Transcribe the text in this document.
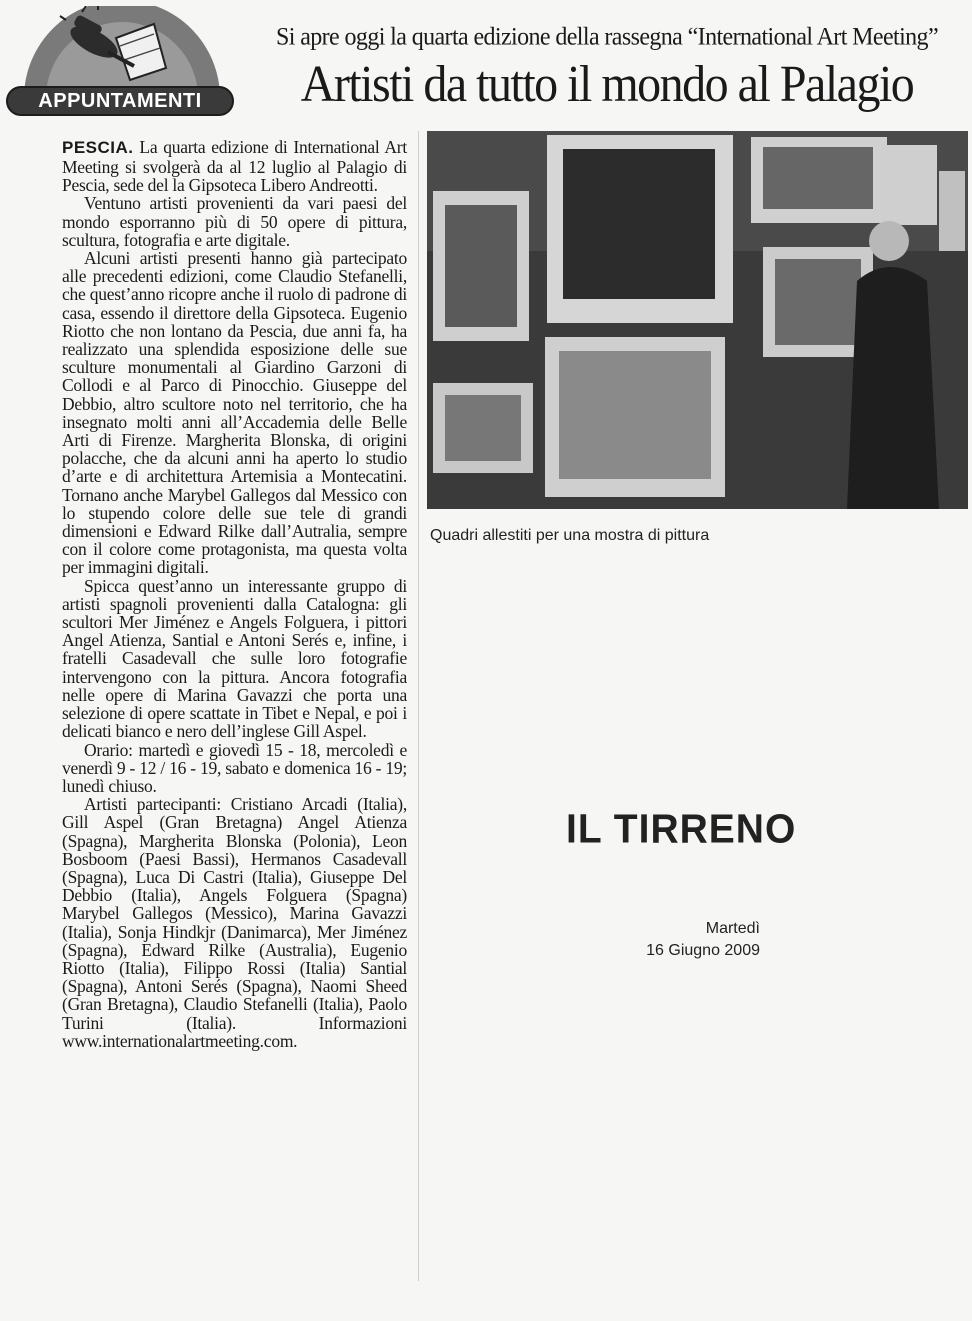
APPUNTAMENTI
Si apre oggi la quarta edizione della rassegna “International Art Meeting”
Artisti da tutto il mondo al Palagio

PESCIA. La quarta edizione di International Art Meeting si svolgerà da al 12 luglio al Palagio di Pescia, sede del la Gipsoteca Libero Andreotti.

Ventuno artisti provenienti da vari paesi del mondo esporranno più di 50 opere di pittura, scultura, fotografia e arte digitale.

Alcuni artisti presenti hanno già partecipato alle precedenti edizioni, come Claudio Stefanelli, che quest’anno ricopre anche il ruolo di padrone di casa, essendo il direttore della Gipsoteca. Eugenio Riotto che non lontano da Pescia, due anni fa, ha realizzato una splendida esposizione delle sue sculture monumentali al Giardino Garzoni di Collodi e al Parco di Pinocchio. Giuseppe del Debbio, altro scultore noto nel territorio, che ha insegnato molti anni all’Accademia delle Belle Arti di Firenze. Margherita Blonska, di origini polacche, che da alcuni anni ha aperto lo studio d’arte e di architettura Artemisia a Montecatini. Tornano anche Marybel Gallegos dal Messico con lo stupendo colore delle sue tele di grandi dimensioni e Edward Rilke dall’Autralia, sempre con il colore come protagonista, ma questa volta per immagini digitali.

Spicca quest’anno un interessante gruppo di artisti spagnoli provenienti dalla Catalogna: gli scultori Mer Jiménez e Angels Folguera, i pittori Angel Atienza, Santial e Antoni Serés e, infine, i fratelli Casadevall che sulle loro fotografie intervengono con la pittura. Ancora fotografia nelle opere di Marina Gavazzi che porta una selezione di opere scattate in Tibet e Nepal, e poi i delicati bianco e nero dell’inglese Gill Aspel.

Orario: martedì e giovedì 15 - 18, mercoledì e venerdì 9 - 12 / 16 - 19, sabato e domenica 16 - 19; lunedì chiuso.

Artisti partecipanti: Cristiano Arcadi (Italia), Gill Aspel (Gran Bretagna) Angel Atienza (Spagna), Margherita Blonska (Polonia), Leon Bosboom (Paesi Bassi), Hermanos Casadevall (Spagna), Luca Di Castri (Italia), Giuseppe Del Debbio (Italia), Angels Folguera (Spagna) Marybel Gallegos (Messico), Marina Gavazzi (Italia), Sonja Hindkjr (Danimarca), Mer Jiménez (Spagna), Edward Rilke (Australia), Eugenio Riotto (Italia), Filippo Rossi (Italia) Santial (Spagna), Antoni Serés (Spagna), Naomi Sheed (Gran Bretagna), Claudio Stefanelli (Italia), Paolo Turini (Italia). Informazioni www.internationalartmeeting.com.

Quadri allestiti per una mostra di pittura
IL TIRRENO
Martedì
16 Giugno 2009
